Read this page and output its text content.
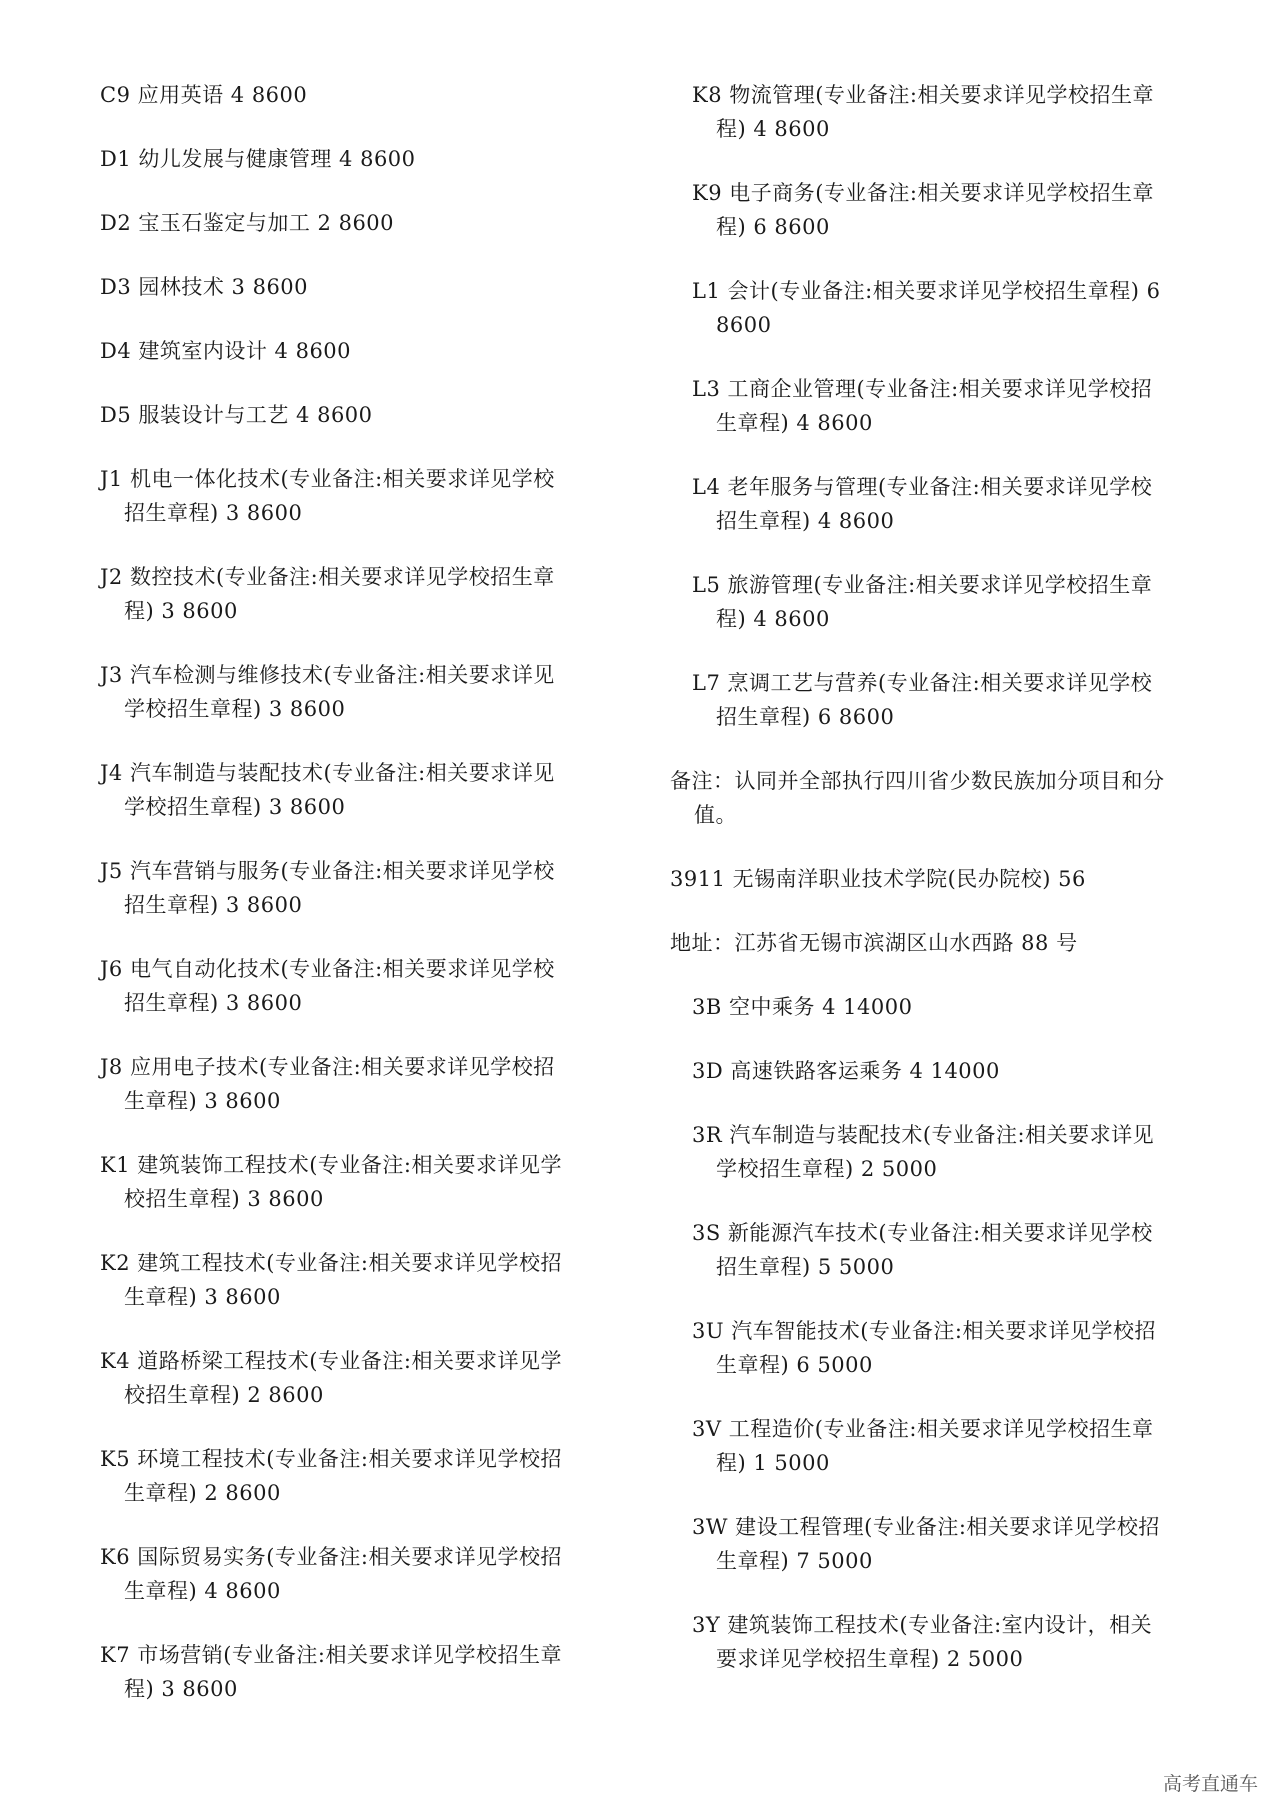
C9 应用英语 4 8600
D1 幼儿发展与健康管理 4 8600
D2 宝玉石鉴定与加工 2 8600
D3 园林技术 3 8600
D4 建筑室内设计 4 8600
D5 服装设计与工艺 4 8600
J1 机电一体化技术(专业备注:相关要求详见学校
招生章程) 3 8600
J2 数控技术(专业备注:相关要求详见学校招生章
程) 3 8600
J3 汽车检测与维修技术(专业备注:相关要求详见
学校招生章程) 3 8600
J4 汽车制造与装配技术(专业备注:相关要求详见
学校招生章程) 3 8600
J5 汽车营销与服务(专业备注:相关要求详见学校
招生章程) 3 8600
J6 电气自动化技术(专业备注:相关要求详见学校
招生章程) 3 8600
J8 应用电子技术(专业备注:相关要求详见学校招
生章程) 3 8600
K1 建筑装饰工程技术(专业备注:相关要求详见学
校招生章程) 3 8600
K2 建筑工程技术(专业备注:相关要求详见学校招
生章程) 3 8600
K4 道路桥梁工程技术(专业备注:相关要求详见学
校招生章程) 2 8600
K5 环境工程技术(专业备注:相关要求详见学校招
生章程) 2 8600
K6 国际贸易实务(专业备注:相关要求详见学校招
生章程) 4 8600
K7 市场营销(专业备注:相关要求详见学校招生章
程) 3 8600
K8 物流管理(专业备注:相关要求详见学校招生章
程) 4 8600
K9 电子商务(专业备注:相关要求详见学校招生章
程) 6 8600
L1 会计(专业备注:相关要求详见学校招生章程) 6
8600
L3 工商企业管理(专业备注:相关要求详见学校招
生章程) 4 8600
L4 老年服务与管理(专业备注:相关要求详见学校
招生章程) 4 8600
L5 旅游管理(专业备注:相关要求详见学校招生章
程) 4 8600
L7 烹调工艺与营养(专业备注:相关要求详见学校
招生章程) 6 8600
备注：认同并全部执行四川省少数民族加分项目和分
值。
3911 无锡南洋职业技术学院(民办院校) 56
地址：江苏省无锡市滨湖区山水西路 88 号
3B 空中乘务 4 14000
3D 高速铁路客运乘务 4 14000
3R 汽车制造与装配技术(专业备注:相关要求详见
学校招生章程) 2 5000
3S 新能源汽车技术(专业备注:相关要求详见学校
招生章程) 5 5000
3U 汽车智能技术(专业备注:相关要求详见学校招
生章程) 6 5000
3V 工程造价(专业备注:相关要求详见学校招生章
程) 1 5000
3W 建设工程管理(专业备注:相关要求详见学校招
生章程) 7 5000
3Y 建筑装饰工程技术(专业备注:室内设计，相关
要求详见学校招生章程) 2 5000
高考直通车
